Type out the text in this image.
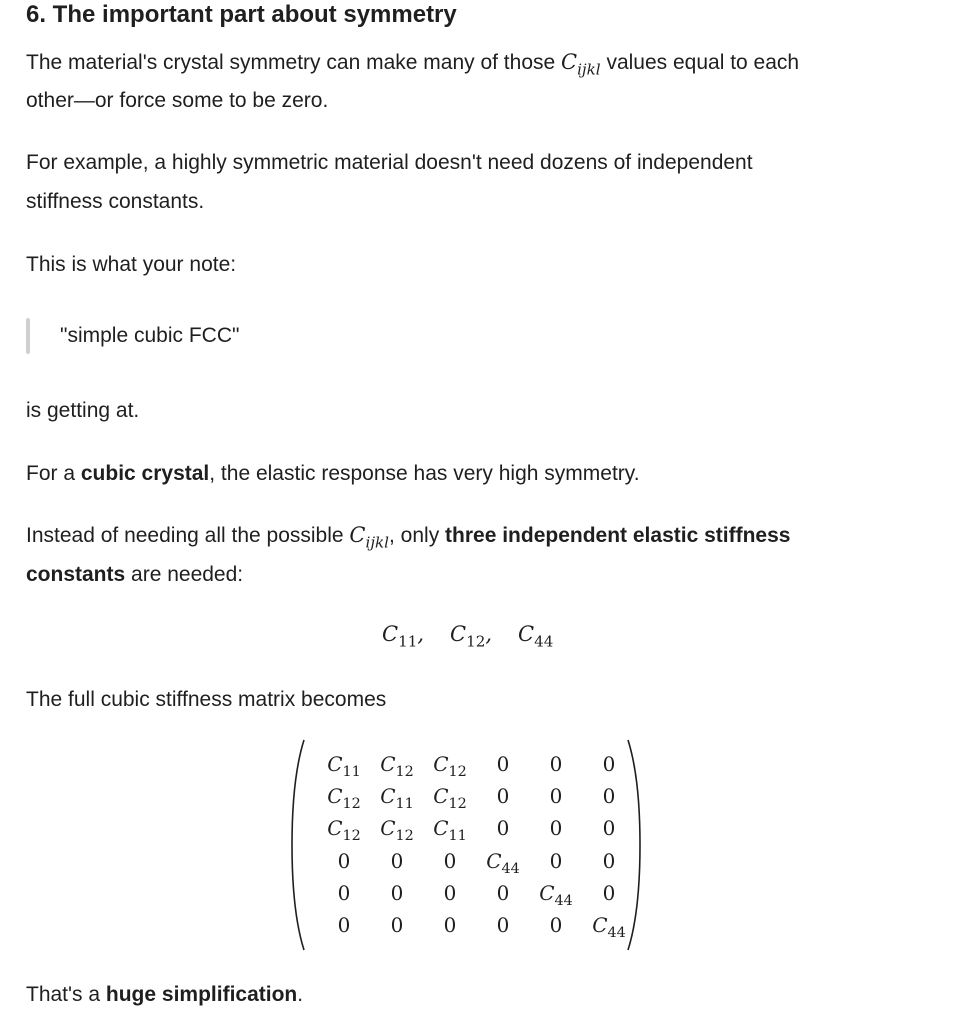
6. The important part about symmetry

The material's crystal symmetry can make many of those $C_{ijkl}$ values equal to each

other—or force some to be zero.

For example, a highly symmetric material doesn't need dozens of independent

stiffness constants.

This is what your note:

"simple cubic FCC"

is getting at.

For a cubic crystal, the elastic response has very high symmetry.

Instead of needing all the possible $C_{ijkl}$, only three independent elastic stiffness

constants are needed:

$C_{11}$, $C_{12}$, $C_{44}$

The full cubic stiffness matrix becomes

$C_{11}$ $C_{12}$ $C_{12}$	0	0	0
$C_{12}$ $C_{11}$ $C_{12}$	0	0	0
$C_{12}$ $C_{12}$ $C_{11}$	0	0	0
0	0	0	$C_{44}$	0	0
0	0	0	0	$C_{44}$	0
0	0	0	0	0	$C_{44}$

That's a huge simplification.
